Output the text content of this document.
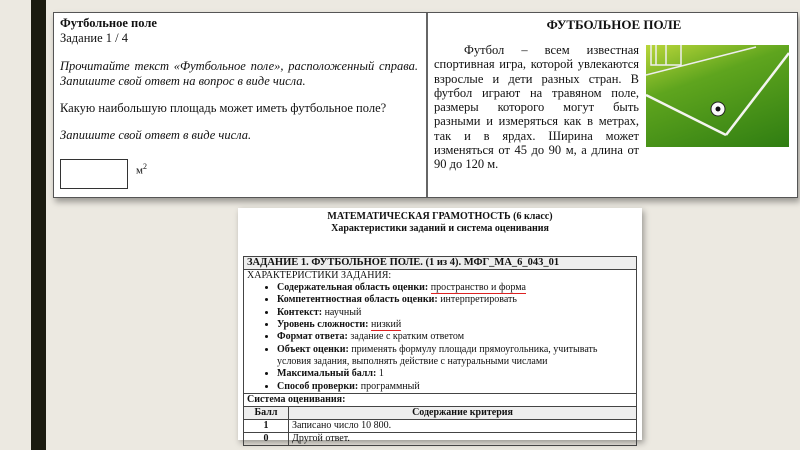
Футбольное поле
Задание 1 / 4
Прочитайте текст «Футбольное поле», расположенный справа. Запишите свой ответ на вопрос в виде числа.
Какую наибольшую площадь может иметь футбольное поле?
Запишите свой ответ в виде числа.
$м^2$
ФУТБОЛЬНОЕ ПОЛЕ
Футбол – всем известная спортивная игра, которой увлекаются взрослые и дети разных стран. В футбол играют на травяном поле, размеры которого могут быть разными и измеряться как в метрах, так и в ярдах. Ширина может изменяться от 45 до 90 м, а длина от 90 до 120 м.
МАТЕМАТИЧЕСКАЯ ГРАМОТНОСТЬ (6 класс)
Характеристики заданий и система оценивания
ЗАДАНИЕ 1. ФУТБОЛЬНОЕ ПОЛЕ. (1 из 4). МФГ_МА_6_043_01
ХАРАКТЕРИСТИКИ ЗАДАНИЯ:
• Содержательная область оценки: пространство и форма
• Компетентностная область оценки: интерпретировать
• Контекст: научный
• Уровень сложности: низкий
• Формат ответа: задание с кратким ответом
• Объект оценки: применять формулу площади прямоугольника, учитывать условия задания, выполнять действие с натуральными числами
• Максимальный балл: 1
• Способ проверки: программный
Система оценивания:	
Балл	Содержание критерия
1	Записано число 10 800.
0	Другой ответ.
